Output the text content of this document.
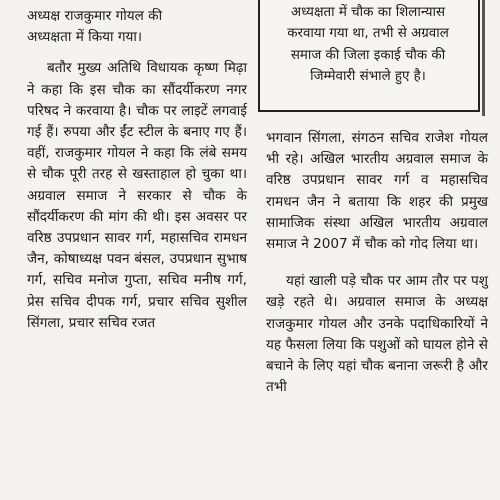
अध्यक्ष राजकुमार गोयल की
अध्यक्षता में किया गया।

बतौर मुख्य अतिथि विधायक कृष्ण मिढ़ा ने कहा कि इस चौक का सौंदर्यीकरण नगर परिषद ने करवाया है। चौक पर लाइटें लगवाई गई हैं। रुपया और ईंट स्टील के बनाए गए हैं। वहीं, राजकुमार गोयल ने कहा कि लंबे समय से चौक पूरी तरह से खस्ताहाल हो चुका था। अग्रवाल समाज ने सरकार से चौक के सौंदर्यीकरण की मांग की थी। इस अवसर पर वरिष्ठ उपप्रधान सावर गर्ग, महासचिव रामधन जैन, कोषाध्यक्ष पवन बंसल, उपप्रधान सुभाष गर्ग, सचिव मनोज गुप्ता, सचिव मनीष गर्ग, प्रेस सचिव दीपक गर्ग, प्रचार सचिव सुशील सिंगला, प्रचार सचिव रजत

अध्यक्षता में चौक का शिलान्यास
करवाया गया था, तभी से अग्रवाल
समाज की जिला इकाई चौक की
जिम्मेवारी संभाले हुए है।

भगवान सिंगला, संगठन सचिव राजेश गोयल भी रहे। अखिल भारतीय अग्रवाल समाज के वरिष्ठ उपप्रधान सावर गर्ग व महासचिव रामधन जैन ने बताया कि शहर की प्रमुख सामाजिक संस्था अखिल भारतीय अग्रवाल समाज ने 2007 में चौक को गोद लिया था।

यहां खाली पड़े चौक पर आम तौर पर पशु खड़े रहते थे। अग्रवाल समाज के अध्यक्ष राजकुमार गोयल और उनके पदाधिकारियों ने यह फैसला लिया कि पशुओं को घायल होने से बचाने के लिए यहां चौक बनाना जरूरी है और तभी
